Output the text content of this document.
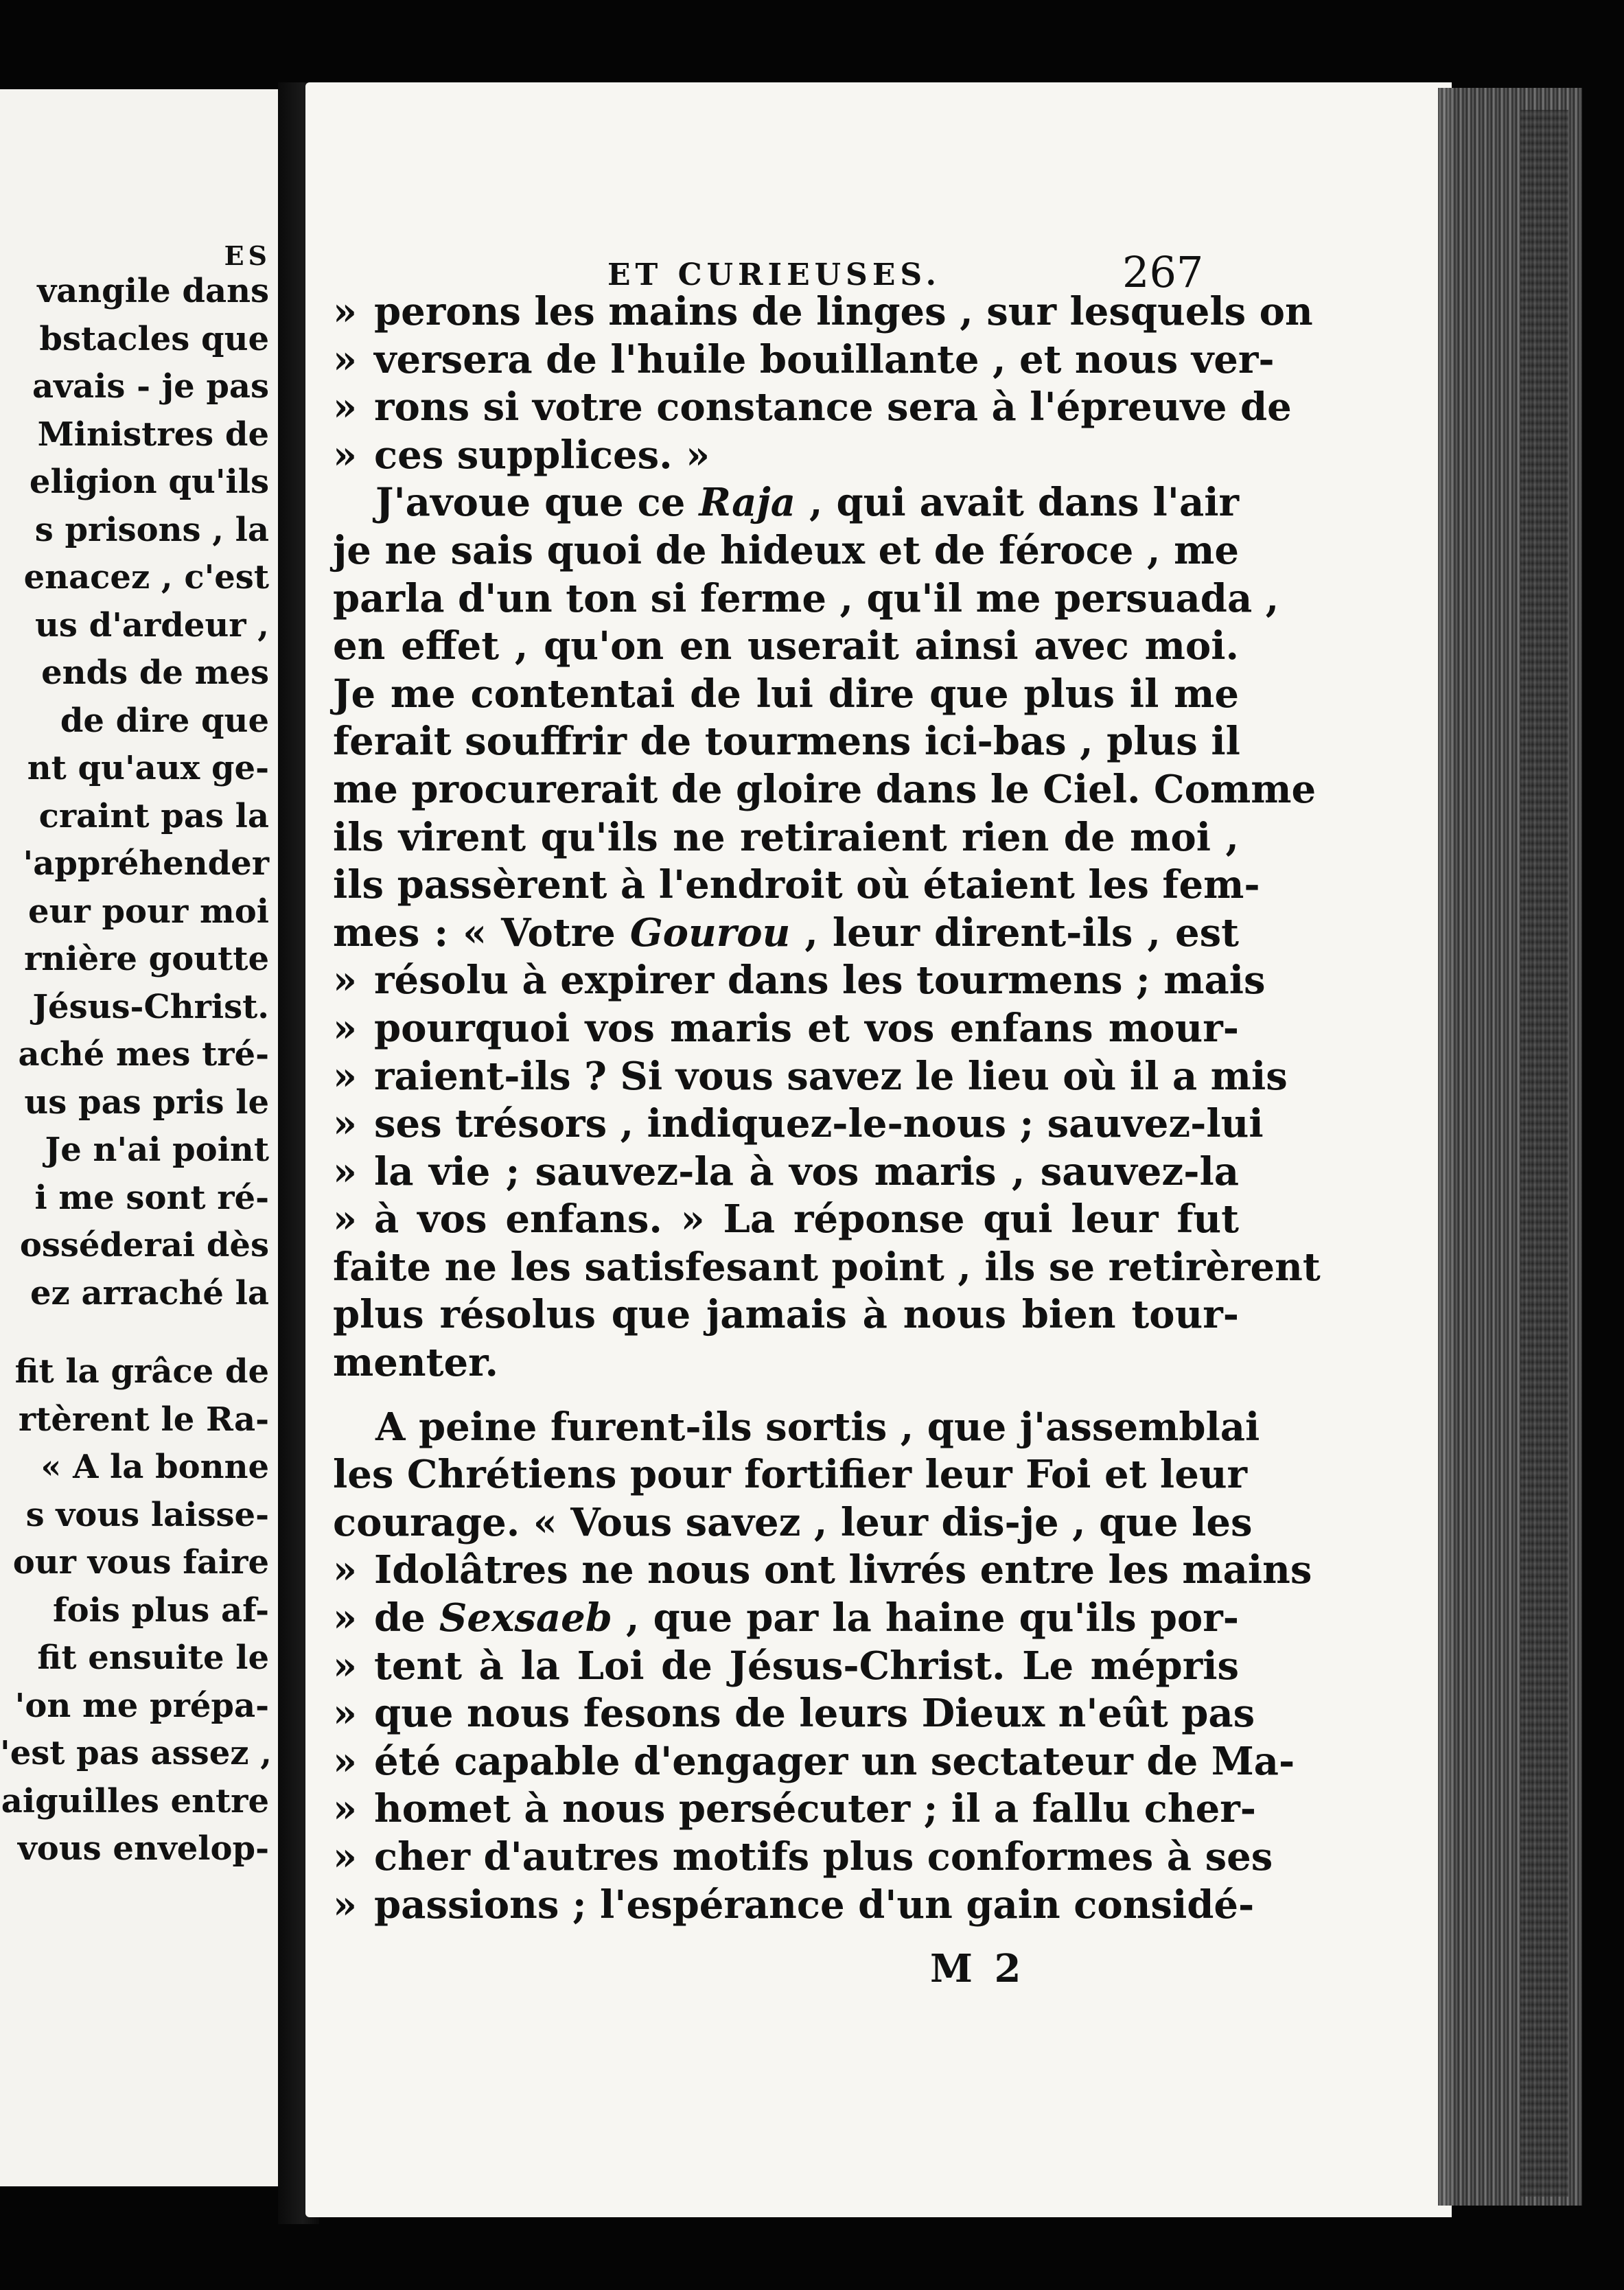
ES
vangile dans
bstacles que
avais - je pas
Ministres de
eligion qu'ils
s prisons , la
enacez , c'est
us d'ardeur ,
ends de mes
de dire que
nt qu'aux ge-
craint pas la
'appréhender
eur pour moi
rnière goutte
Jésus-Christ.
aché mes tré-
us pas pris le
Je n'ai point
i me sont ré-
osséderai dès
ez arraché la
fit la grâce de
rtèrent le Ra-
« A la bonne
s vous laisse-
our vous faire
fois plus af-
fit ensuite le
'on me prépa-
'est pas assez ,
aiguilles entre
vous envelop-
ET CURIEUSES.	267
» perons les mains de linges , sur lesquels on
» versera de l'huile bouillante , et nous ver-
» rons si votre constance sera à l'épreuve de
» ces supplices. »
J'avoue que ce Raja , qui avait dans l'air
je ne sais quoi de hideux et de féroce , me
parla d'un ton si ferme , qu'il me persuada ,
en effet , qu'on en userait ainsi avec moi.
Je me contentai de lui dire que plus il me
ferait souffrir de tourmens ici-bas , plus il
me procurerait de gloire dans le Ciel. Comme
ils virent qu'ils ne retiraient rien de moi ,
ils passèrent à l'endroit où étaient les fem-
mes : « Votre Gourou , leur dirent-ils , est
» résolu à expirer dans les tourmens ; mais
» pourquoi vos maris et vos enfans mour-
» raient-ils ? Si vous savez le lieu où il a mis
» ses trésors , indiquez-le-nous ; sauvez-lui
» la vie ; sauvez-la à vos maris , sauvez-la
» à vos enfans. » La réponse qui leur fut
faite ne les satisfesant point , ils se retirèrent
plus résolus que jamais à nous bien tour-
menter.
A peine furent-ils sortis , que j'assemblai
les Chrétiens pour fortifier leur Foi et leur
courage. « Vous savez , leur dis-je , que les
» Idolâtres ne nous ont livrés entre les mains
» de Sexsaeb , que par la haine qu'ils por-
» tent à la Loi de Jésus-Christ. Le mépris
» que nous fesons de leurs Dieux n'eût pas
» été capable d'engager un sectateur de Ma-
» homet à nous persécuter ; il a fallu cher-
» cher d'autres motifs plus conformes à ses
» passions ; l'espérance d'un gain considé-
M 2
